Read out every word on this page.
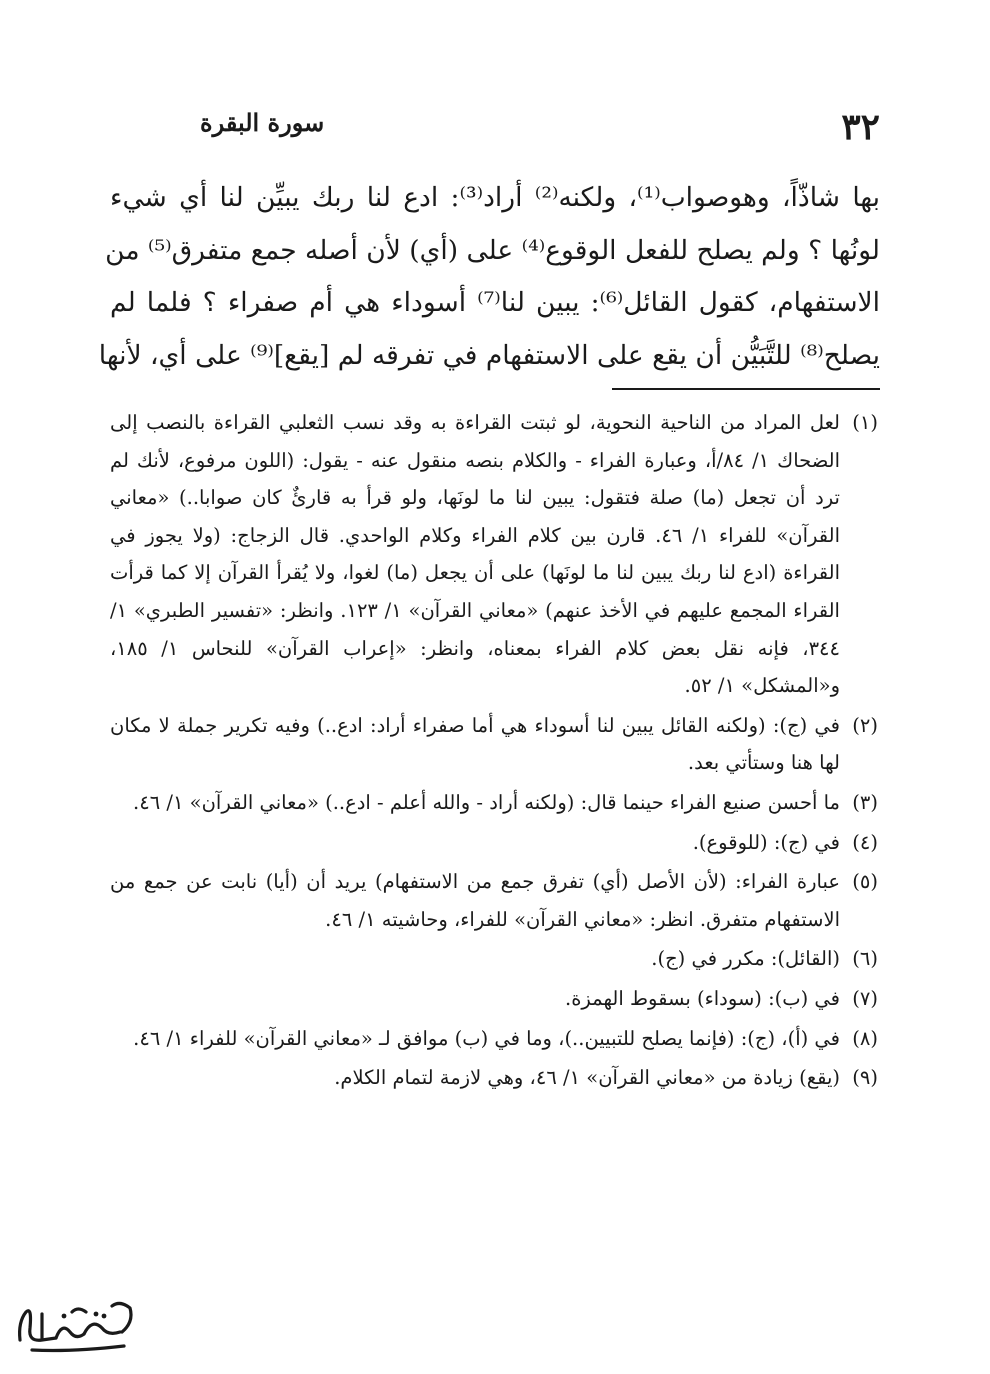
٣٢
سورة البقرة
بها شاذّاً، وهوصواب⁽¹⁾، ولكنه⁽²⁾ أراد⁽³⁾: ادع لنا ربك يبيِّن لنا أي شيء
لونُها ؟ ولم يصلح للفعل الوقوع⁽⁴⁾ على (أي) لأن أصله جمع متفرق⁽⁵⁾ من
الاستفهام، كقول القائل⁽⁶⁾: يبين لنا⁽⁷⁾ أسوداء هي أم صفراء ؟ فلما لم
يصلح⁽⁸⁾ للتَّبَيُّن أن يقع على الاستفهام في تفرقه لم [يقع]⁽⁹⁾ على أي، لأنها
(١)
لعل المراد من الناحية النحوية، لو ثبتت القراءة به وقد نسب الثعلبي القراءة بالنصب إلى الضحاك ١/ ٨٤/أ، وعبارة الفراء - والكلام بنصه منقول عنه - يقول: (اللون مرفوع، لأنك لم ترد أن تجعل (ما) صلة فتقول: يبين لنا ما لونَها، ولو قرأ به قارئٌ كان صوابا..) «معاني القرآن» للفراء ١/ ٤٦. قارن بين كلام الفراء وكلام الواحدي. قال الزجاج: (ولا يجوز في القراءة (ادع لنا ربك يبين لنا ما لونَها) على أن يجعل (ما) لغوا، ولا يُقرأ القرآن إلا كما قرأت القراء المجمع عليهم في الأخذ عنهم) «معاني القرآن» ١/ ١٢٣. وانظر: «تفسير الطبري» ١/ ٣٤٤، فإنه نقل بعض كلام الفراء بمعناه، وانظر: «إعراب القرآن» للنحاس ١/ ١٨٥، و«المشكل» ١/ ٥٢.
(٢)
في (ج): (ولكنه القائل يبين لنا أسوداء هي أما صفراء أراد: ادع..) وفيه تكرير جملة لا مكان لها هنا وستأتي بعد.
(٣)
ما أحسن صنيع الفراء حينما قال: (ولكنه أراد - والله أعلم - ادع..) «معاني القرآن» ١/ ٤٦.
(٤)
في (ج): (للوقوع).
(٥)
عبارة الفراء: (لأن الأصل (أي) تفرق جمع من الاستفهام) يريد أن (أيا) نابت عن جمع من الاستفهام متفرق. انظر: «معاني القرآن» للفراء، وحاشيته ١/ ٤٦.
(٦)
(القائل): مكرر في (ج).
(٧)
في (ب): (سوداء) بسقوط الهمزة.
(٨)
في (أ)، (ج): (فإنما يصلح للتبيين..)، وما في (ب) موافق لـ «معاني القرآن» للفراء ١/ ٤٦.
(٩)
(يقع) زيادة من «معاني القرآن» ١/ ٤٦، وهي لازمة لتمام الكلام.
